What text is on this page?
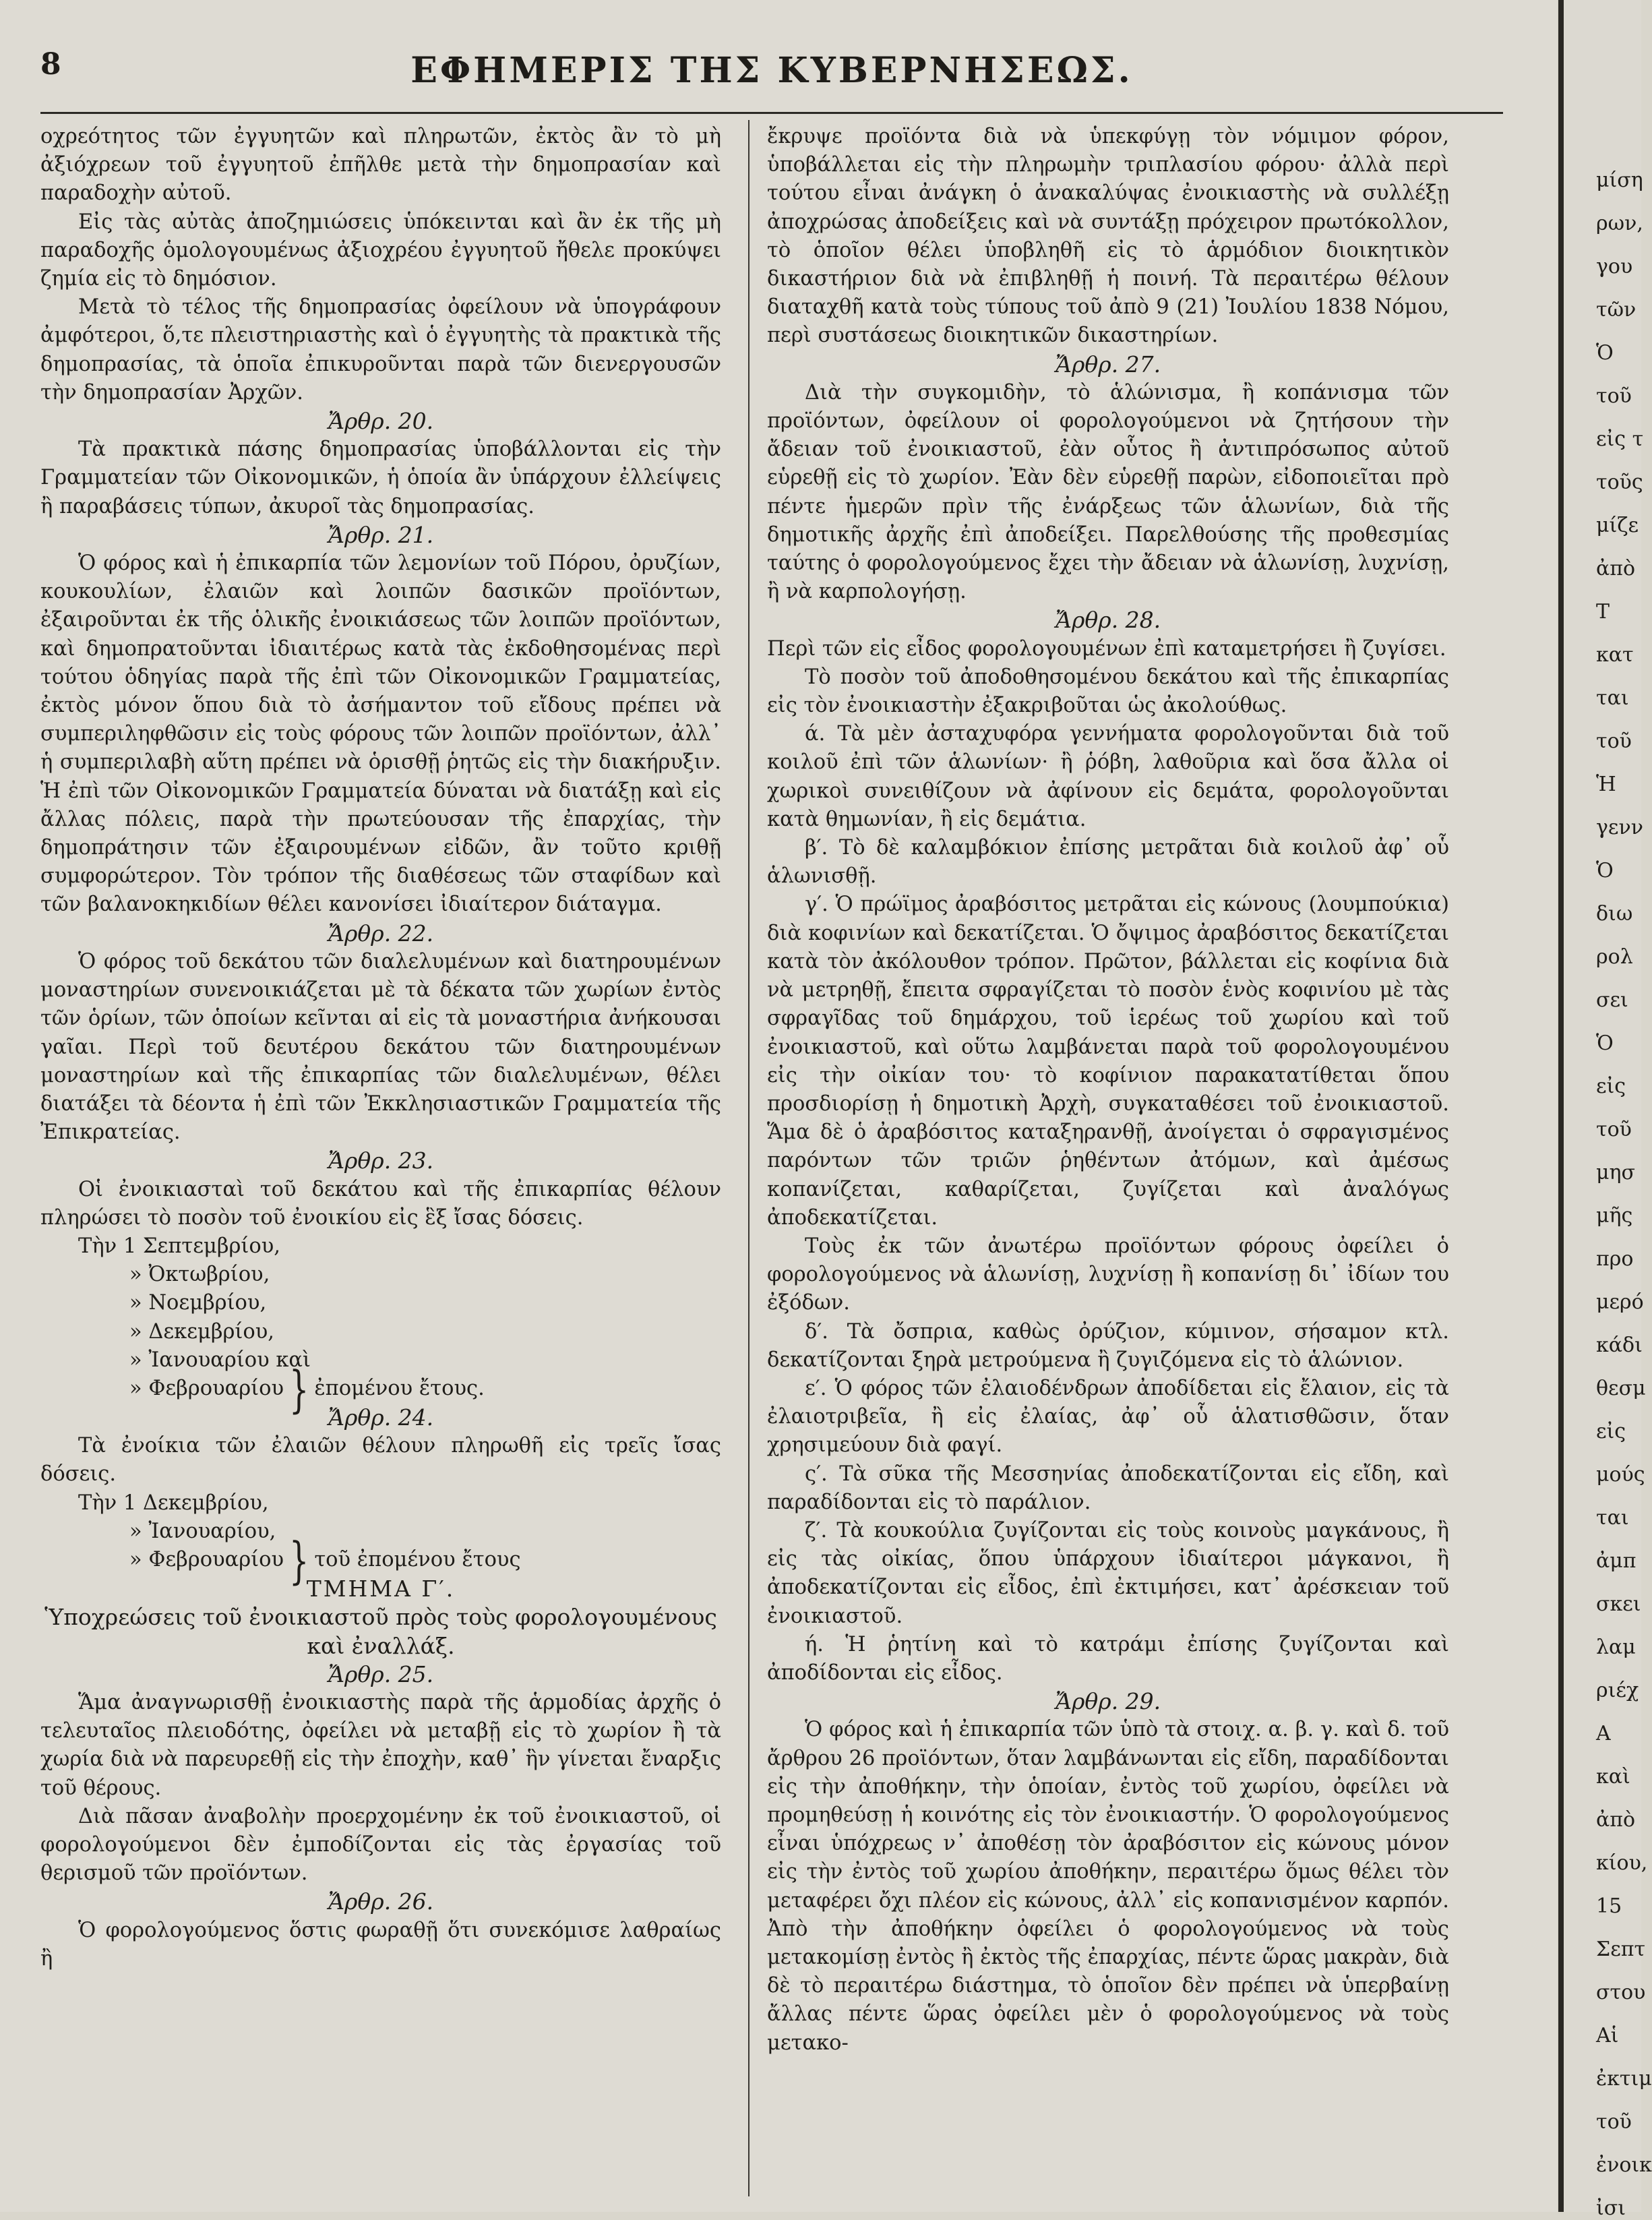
8	ΕΦΗΜΕΡΙΣ ΤΗΣ ΚΥΒΕΡΝΗΣΕΩΣ.

οχρεότητος τῶν ἐγγυητῶν καὶ πληρωτῶν, ἐκτὸς ἂν τὸ μὴ ἀξιόχρεων τοῦ ἐγγυητοῦ ἐπῆλθε μετὰ τὴν δημοπρασίαν καὶ παραδοχὴν αὐτοῦ.

Εἰς τὰς αὐτὰς ἀποζημιώσεις ὑπόκεινται καὶ ἂν ἐκ τῆς μὴ παραδοχῆς ὁμολογουμένως ἀξιοχρέου ἐγγυητοῦ ἤθελε προκύψει ζημία εἰς τὸ δημόσιον.

Μετὰ τὸ τέλος τῆς δημοπρασίας ὀφείλουν νὰ ὑπογράφουν ἀμφότεροι, ὅ,τε πλειστηριαστὴς καὶ ὁ ἐγγυητὴς τὰ πρακτικὰ τῆς δημοπρασίας, τὰ ὁποῖα ἐπικυροῦνται παρὰ τῶν διενεργουσῶν τὴν δημοπρασίαν Ἀρχῶν.

Ἄρθρ. 20.

Τὰ πρακτικὰ πάσης δημοπρασίας ὑποβάλλονται εἰς τὴν Γραμματείαν τῶν Οἰκονομικῶν, ἡ ὁποία ἂν ὑπάρχουν ἐλλείψεις ἢ παραβάσεις τύπων, ἀκυροῖ τὰς δημοπρασίας.

Ἄρθρ. 21.

Ὁ φόρος καὶ ἡ ἐπικαρπία τῶν λεμονίων τοῦ Πόρου, ὀρυζίων, κουκουλίων, ἐλαιῶν καὶ λοιπῶν δασικῶν προϊόντων, ἐξαιροῦνται ἐκ τῆς ὁλικῆς ἐνοικιάσεως τῶν λοιπῶν προϊόντων, καὶ δημοπρατοῦνται ἰδιαιτέρως κατὰ τὰς ἐκδοθησομένας περὶ τούτου ὁδηγίας παρὰ τῆς ἐπὶ τῶν Οἰκονομικῶν Γραμματείας, ἐκτὸς μόνον ὅπου διὰ τὸ ἀσήμαντον τοῦ εἴδους πρέπει νὰ συμπεριληφθῶσιν εἰς τοὺς φόρους τῶν λοιπῶν προϊόντων, ἀλλ᾽ ἡ συμπεριλαβὴ αὕτη πρέπει νὰ ὁρισθῇ ῥητῶς εἰς τὴν διακήρυξιν. Ἡ ἐπὶ τῶν Οἰκονομικῶν Γραμματεία δύναται νὰ διατάξῃ καὶ εἰς ἄλλας πόλεις, παρὰ τὴν πρωτεύουσαν τῆς ἐπαρχίας, τὴν δημοπράτησιν τῶν ἐξαιρουμένων εἰδῶν, ἂν τοῦτο κριθῇ συμφορώτερον. Τὸν τρόπον τῆς διαθέσεως τῶν σταφίδων καὶ τῶν βαλανοκηκιδίων θέλει κανονίσει ἰδιαίτερον διάταγμα.

Ἄρθρ. 22.

Ὁ φόρος τοῦ δεκάτου τῶν διαλελυμένων καὶ διατηρουμένων μοναστηρίων συνενοικιάζεται μὲ τὰ δέκατα τῶν χωρίων ἐντὸς τῶν ὁρίων, τῶν ὁποίων κεῖνται αἱ εἰς τὰ μοναστήρια ἀνήκουσαι γαῖαι. Περὶ τοῦ δευτέρου δεκάτου τῶν διατηρουμένων μοναστηρίων καὶ τῆς ἐπικαρπίας τῶν διαλελυμένων, θέλει διατάξει τὰ δέοντα ἡ ἐπὶ τῶν Ἐκκλησιαστικῶν Γραμματεία τῆς Ἐπικρατείας.

Ἄρθρ. 23.

Οἱ ἐνοικιασταὶ τοῦ δεκάτου καὶ τῆς ἐπικαρπίας θέλουν πληρώσει τὸ ποσὸν τοῦ ἐνοικίου εἰς ἓξ ἴσας δόσεις.

Τὴν 1 Σεπτεμβρίου,
» Ὀκτωβρίου,
» Νοεμβρίου,
» Δεκεμβρίου,
» Ἰανουαρίου καὶ
» Φεβρουαρίου } ἐπομένου ἔτους.
Ἄρθρ. 24.

Τὰ ἐνοίκια τῶν ἐλαιῶν θέλουν πληρωθῆ εἰς τρεῖς ἴσας δόσεις.

Τὴν 1 Δεκεμβρίου,
» Ἰανουαρίου,
» Φεβρουαρίου } τοῦ ἐπομένου ἔτους
ΤΜΗΜΑ Γ′.
Ὑποχρεώσεις τοῦ ἐνοικιαστοῦ πρὸς τοὺς φορολογουμένους καὶ ἐναλλάξ.
Ἄρθρ. 25.

Ἅμα ἀναγνωρισθῇ ἐνοικιαστὴς παρὰ τῆς ἁρμοδίας ἀρχῆς ὁ τελευταῖος πλειοδότης, ὀφείλει νὰ μεταβῇ εἰς τὸ χωρίον ἢ τὰ χωρία διὰ νὰ παρευρεθῇ εἰς τὴν ἐποχὴν, καθ᾽ ἣν γίνεται ἔναρξις τοῦ θέρους.

Διὰ πᾶσαν ἀναβολὴν προερχομένην ἐκ τοῦ ἐνοικιαστοῦ, οἱ φορολογούμενοι δὲν ἐμποδίζονται εἰς τὰς ἐργασίας τοῦ θερισμοῦ τῶν προϊόντων.

Ἄρθρ. 26.

Ὁ φορολογούμενος ὅστις φωραθῇ ὅτι συνεκόμισε λαθραίως ἢ

ἔκρυψε προϊόντα διὰ νὰ ὑπεκφύγῃ τὸν νόμιμον φόρον, ὑποβάλλεται εἰς τὴν πληρωμὴν τριπλασίου φόρου· ἀλλὰ περὶ τούτου εἶναι ἀνάγκη ὁ ἀνακαλύψας ἐνοικιαστὴς νὰ συλλέξῃ ἀποχρώσας ἀποδείξεις καὶ νὰ συντάξῃ πρόχειρον πρωτόκολλον, τὸ ὁποῖον θέλει ὑποβληθῆ εἰς τὸ ἁρμόδιον διοικητικὸν δικαστήριον διὰ νὰ ἐπιβληθῇ ἡ ποινή. Τὰ περαιτέρω θέλουν διαταχθῆ κατὰ τοὺς τύπους τοῦ ἀπὸ 9 (21) Ἰουλίου 1838 Νόμου, περὶ συστάσεως διοικητικῶν δικαστηρίων.

Ἄρθρ. 27.

Διὰ τὴν συγκομιδὴν, τὸ ἁλώνισμα, ἢ κοπάνισμα τῶν προϊόντων, ὀφείλουν οἱ φορολογούμενοι νὰ ζητήσουν τὴν ἄδειαν τοῦ ἐνοικιαστοῦ, ἐὰν οὗτος ἢ ἀντιπρόσωπος αὐτοῦ εὑρεθῇ εἰς τὸ χωρίον. Ἐὰν δὲν εὑρεθῇ παρὼν, εἰδοποιεῖται πρὸ πέντε ἡμερῶν πρὶν τῆς ἐνάρξεως τῶν ἁλωνίων, διὰ τῆς δημοτικῆς ἀρχῆς ἐπὶ ἀποδείξει. Παρελθούσης τῆς προθεσμίας ταύτης ὁ φορολογούμενος ἔχει τὴν ἄδειαν νὰ ἁλωνίσῃ, λυχνίσῃ, ἢ νὰ καρπολογήσῃ.

Ἄρθρ. 28.

Περὶ τῶν εἰς εἶδος φορολογουμένων ἐπὶ καταμετρήσει ἢ ζυγίσει.

Τὸ ποσὸν τοῦ ἀποδοθησομένου δεκάτου καὶ τῆς ἐπικαρπίας εἰς τὸν ἐνοικιαστὴν ἐξακριβοῦται ὡς ἀκολούθως.

ά. Τὰ μὲν ἀσταχυφόρα γεννήματα φορολογοῦνται διὰ τοῦ κοιλοῦ ἐπὶ τῶν ἁλωνίων· ἢ ῥόβη, λαθοῦρια καὶ ὅσα ἄλλα οἱ χωρικοὶ συνειθίζουν νὰ ἀφίνουν εἰς δεμάτα, φορολογοῦνται κατὰ θημωνίαν, ἢ εἰς δεμάτια.

β′. Τὸ δὲ καλαμβόκιον ἐπίσης μετρᾶται διὰ κοιλοῦ ἀφ᾽ οὗ ἁλωνισθῇ.

γ′. Ὁ πρώϊμος ἀραβόσιτος μετρᾶται εἰς κώνους (λουμπούκια) διὰ κοφινίων καὶ δεκατίζεται. Ὁ ὄψιμος ἀραβόσιτος δεκατίζεται κατὰ τὸν ἀκόλουθον τρόπον. Πρῶτον, βάλλεται εἰς κοφίνια διὰ νὰ μετρηθῇ, ἔπειτα σφραγίζεται τὸ ποσὸν ἑνὸς κοφινίου μὲ τὰς σφραγῖδας τοῦ δημάρχου, τοῦ ἱερέως τοῦ χωρίου καὶ τοῦ ἐνοικιαστοῦ, καὶ οὕτω λαμβάνεται παρὰ τοῦ φορολογουμένου εἰς τὴν οἰκίαν του· τὸ κοφίνιον παρακατατίθεται ὅπου προσδιορίσῃ ἡ δημοτικὴ Ἀρχὴ, συγκαταθέσει τοῦ ἐνοικιαστοῦ. Ἅμα δὲ ὁ ἀραβόσιτος καταξηρανθῇ, ἀνοίγεται ὁ σφραγισμένος παρόντων τῶν τριῶν ῥηθέντων ἀτόμων, καὶ ἀμέσως κοπανίζεται, καθαρίζεται, ζυγίζεται καὶ ἀναλόγως ἀποδεκατίζεται.

Τοὺς ἐκ τῶν ἀνωτέρω προϊόντων φόρους ὀφείλει ὁ φορολογούμενος νὰ ἁλωνίσῃ, λυχνίσῃ ἢ κοπανίσῃ δι᾽ ἰδίων του ἐξόδων.

δ′. Τὰ ὄσπρια, καθὼς ὀρύζιον, κύμινον, σήσαμον κτλ. δεκατίζονται ξηρὰ μετρούμενα ἢ ζυγιζόμενα εἰς τὸ ἁλώνιον.

ε′. Ὁ φόρος τῶν ἐλαιοδένδρων ἀποδίδεται εἰς ἔλαιον, εἰς τὰ ἐλαιοτριβεῖα, ἢ εἰς ἐλαίας, ἀφ᾽ οὗ ἁλατισθῶσιν, ὅταν χρησιμεύουν διὰ φαγί.

ς′. Τὰ σῦκα τῆς Μεσσηνίας ἀποδεκατίζονται εἰς εἴδη, καὶ παραδίδονται εἰς τὸ παράλιον.

ζ′. Τὰ κουκούλια ζυγίζονται εἰς τοὺς κοινοὺς μαγκάνους, ἢ εἰς τὰς οἰκίας, ὅπου ὑπάρχουν ἰδιαίτεροι μάγκανοι, ἢ ἀποδεκατίζονται εἰς εἶδος, ἐπὶ ἐκτιμήσει, κατ᾽ ἀρέσκειαν τοῦ ἐνοικιαστοῦ.

ή. Ἡ ῥητίνη καὶ τὸ κατράμι ἐπίσης ζυγίζονται καὶ ἀποδίδονται εἰς εἶδος.

Ἄρθρ. 29.

Ὁ φόρος καὶ ἡ ἐπικαρπία τῶν ὑπὸ τὰ στοιχ. α. β. γ. καὶ δ. τοῦ ἄρθρου 26 προϊόντων, ὅταν λαμβάνωνται εἰς εἴδη, παραδίδονται εἰς τὴν ἀποθήκην, τὴν ὁποίαν, ἐντὸς τοῦ χωρίου, ὀφείλει νὰ προμηθεύσῃ ἡ κοινότης εἰς τὸν ἐνοικιαστήν. Ὁ φορολογούμενος εἶναι ὑπόχρεως ν᾽ ἀποθέσῃ τὸν ἀραβόσιτον εἰς κώνους μόνον εἰς τὴν ἐντὸς τοῦ χωρίου ἀποθήκην, περαιτέρω ὅμως θέλει τὸν μεταφέρει ὄχι πλέον εἰς κώνους, ἀλλ᾽ εἰς κοπανισμένον καρπόν. Ἀπὸ τὴν ἀποθήκην ὀφείλει ὁ φορολογούμενος νὰ τοὺς μετακομίσῃ ἐντὸς ἢ ἐκτὸς τῆς ἐπαρχίας, πέντε ὥρας μακρὰν, διὰ δὲ τὸ περαιτέρω διάστημα, τὸ ὁποῖον δὲν πρέπει νὰ ὑπερβαίνῃ ἄλλας πέντε ὥρας ὀφείλει μὲν ὁ φορολογούμενος νὰ τοὺς μετακο-

μίση
ρων,
γου
τῶν
Ὁ
τοῦ
εἰς τ
τοῦς
μίζε
ἀπὸ
Τ
κατ
ται
τοῦ
Ἡ
γενν
Ὁ
διω
ρολ
σει
Ὁ
εἰς
τοῦ
μησ
μῆς
προ
μερό
κάδι
θεσμ
εἰς
μούς
ται
ἀμπ
σκει
λαμ
ριέχ
Α
καὶ
ἀπὸ
κίου,
15
Σεπτ
στου
Αἱ
ἐκτιμ
τοῦ
ἐνοικ
ἰσι
